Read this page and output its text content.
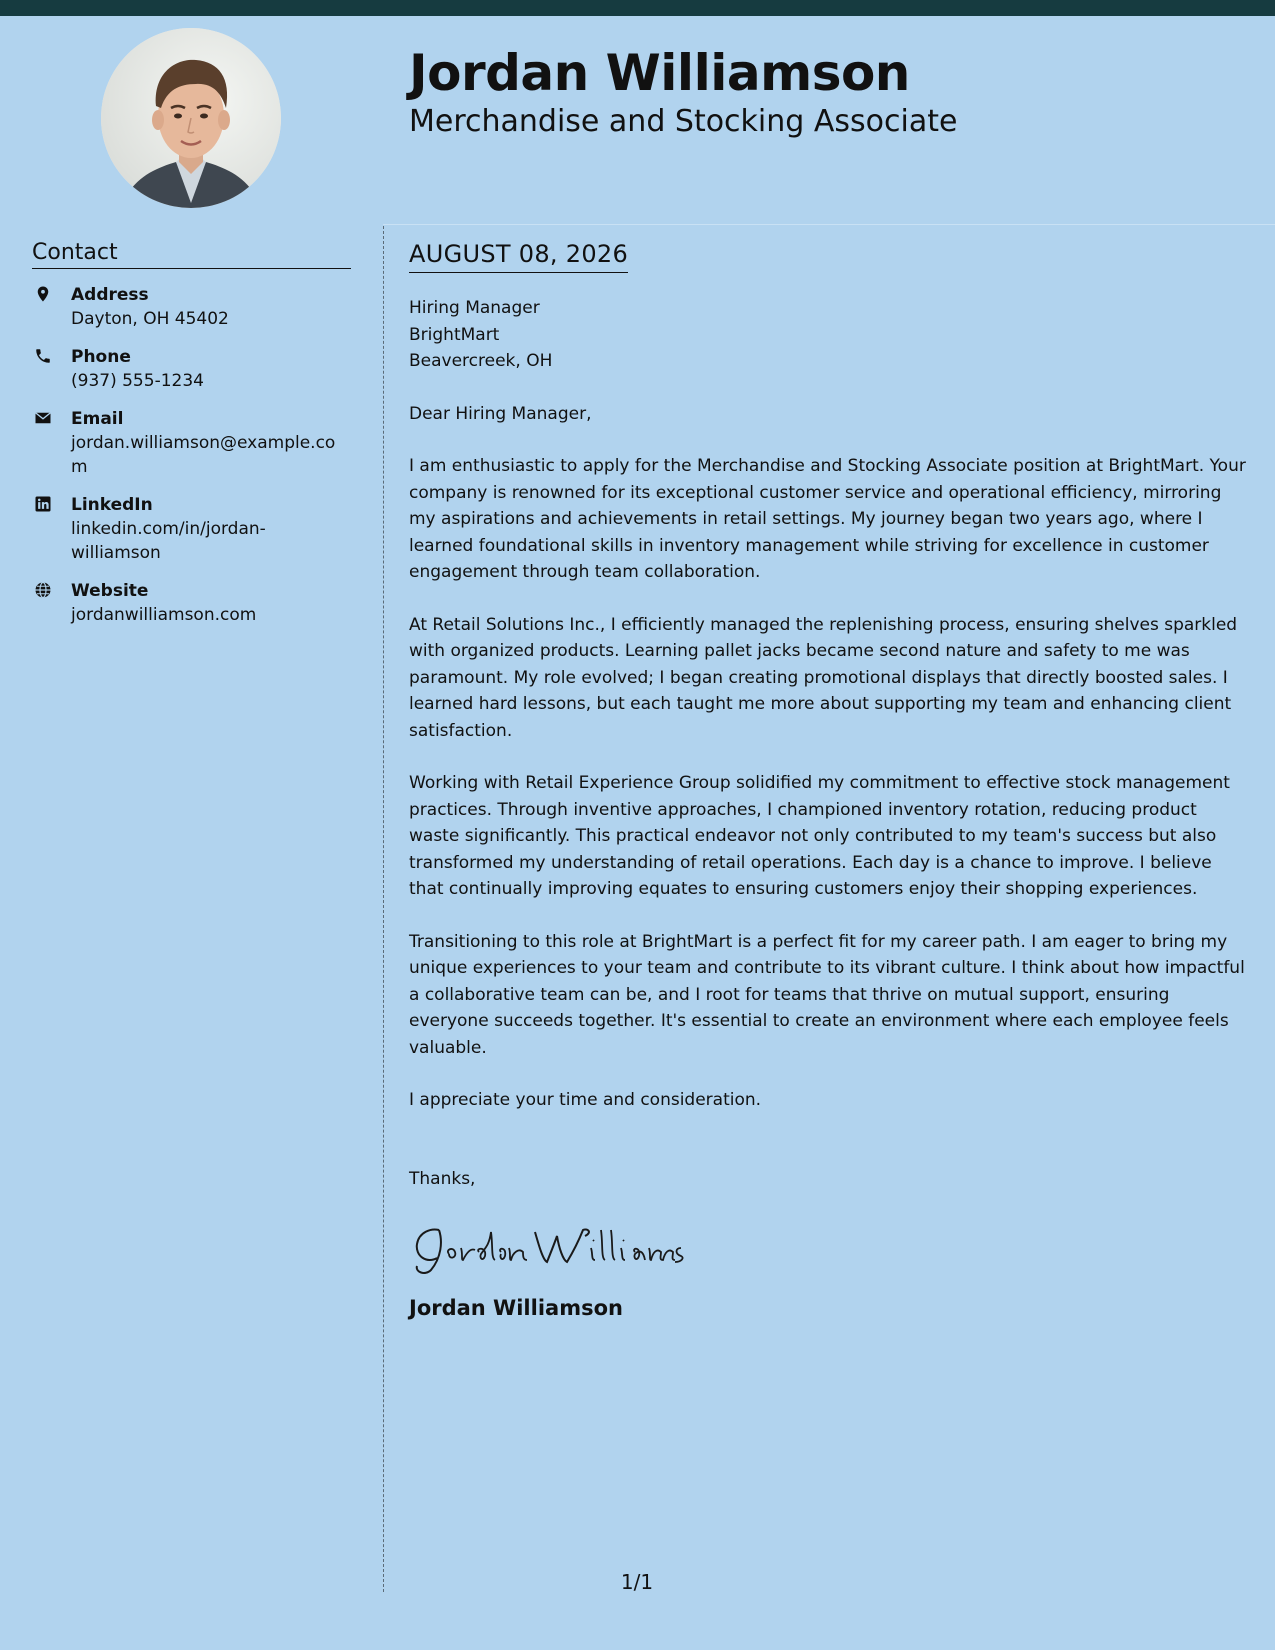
Jordan Williamson
Merchandise and Stocking Associate
Contact
Address
Dayton, OH 45402
Phone
(937) 555-1234
Email
jordan.williamson@example.com
LinkedIn
linkedin.com/in/jordan-williamson
Website
jordanwilliamson.com
AUGUST 08, 2026
Hiring Manager
BrightMart
Beavercreek, OH
Dear Hiring Manager,
I am enthusiastic to apply for the Merchandise and Stocking Associate position at BrightMart. Your company is renowned for its exceptional customer service and operational efficiency, mirroring my aspirations and achievements in retail settings. My journey began two years ago, where I learned foundational skills in inventory management while striving for excellence in customer engagement through team collaboration.
At Retail Solutions Inc., I efficiently managed the replenishing process, ensuring shelves sparkled with organized products. Learning pallet jacks became second nature and safety to me was paramount. My role evolved; I began creating promotional displays that directly boosted sales. I learned hard lessons, but each taught me more about supporting my team and enhancing client satisfaction.
Working with Retail Experience Group solidified my commitment to effective stock management practices. Through inventive approaches, I championed inventory rotation, reducing product waste significantly. This practical endeavor not only contributed to my team's success but also transformed my understanding of retail operations. Each day is a chance to improve. I believe that continually improving equates to ensuring customers enjoy their shopping experiences.
Transitioning to this role at BrightMart is a perfect fit for my career path. I am eager to bring my unique experiences to your team and contribute to its vibrant culture. I think about how impactful a collaborative team can be, and I root for teams that thrive on mutual support, ensuring everyone succeeds together. It's essential to create an environment where each employee feels valuable.
I appreciate your time and consideration.
Thanks,
Jordan Williamson
1/1
